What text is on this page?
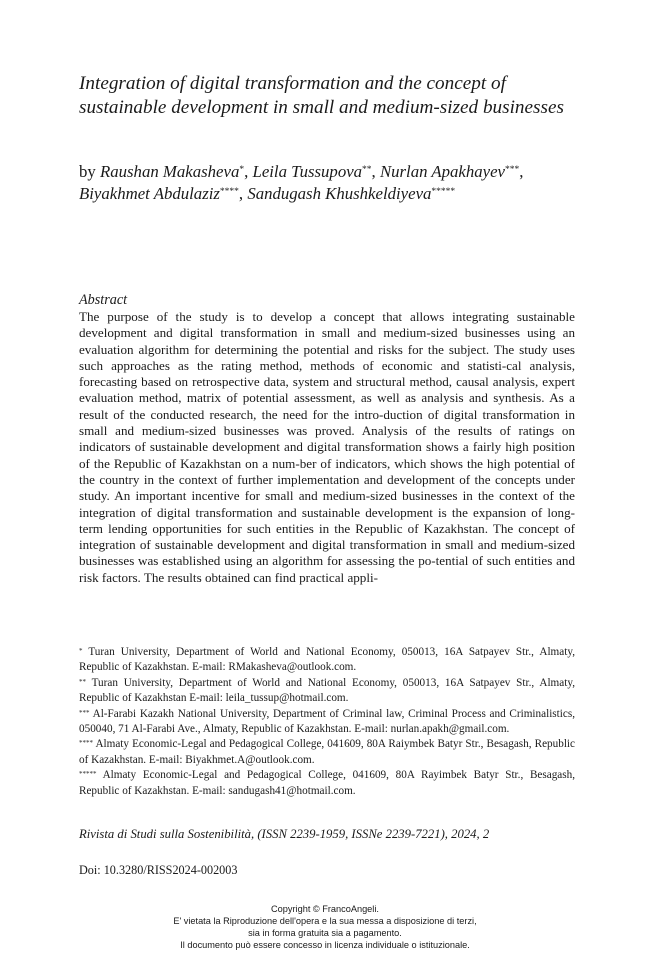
Integration of digital transformation and the concept of sustainable development in small and medium-sized businesses
by Raushan Makasheva*, Leila Tussupova**, Nurlan Apakhayev***,
Biyakhmet Abdulaziz****, Sandugash Khushkeldiyeva*****
Abstract

The purpose of the study is to develop a concept that allows integrating sustainable development and digital transformation in small and medium-sized businesses using an evaluation algorithm for determining the potential and risks for the subject. The study uses such approaches as the rating method, methods of economic and statisti-cal analysis, forecasting based on retrospective data, system and structural method, causal analysis, expert evaluation method, matrix of potential assessment, as well as analysis and synthesis. As a result of the conducted research, the need for the intro-duction of digital transformation in small and medium-sized businesses was proved. Analysis of the results of ratings on indicators of sustainable development and digital transformation shows a fairly high position of the Republic of Kazakhstan on a num-ber of indicators, which shows the high potential of the country in the context of further implementation and development of the concepts under study. An important incentive for small and medium-sized businesses in the context of the integration of digital transformation and sustainable development is the expansion of long-term lending opportunities for such entities in the Republic of Kazakhstan. The concept of integration of sustainable development and digital transformation in small and medium-sized businesses was established using an algorithm for assessing the po-tential of such entities and risk factors. The results obtained can find practical appli-

* Turan University, Department of World and National Economy, 050013, 16A Satpayev Str., Almaty, Republic of Kazakhstan. E-mail: RMakasheva@outlook.com.

** Turan University, Department of World and National Economy, 050013, 16A Satpayev Str., Almaty, Republic of Kazakhstan E-mail: leila_tussup@hotmail.com.

*** Al-Farabi Kazakh National University, Department of Criminal law, Criminal Process and Criminalistics, 050040, 71 Al-Farabi Ave., Almaty, Republic of Kazakhstan. E-mail: nurlan.apakh@gmail.com.

**** Almaty Economic-Legal and Pedagogical College, 041609, 80A Raiymbek Batyr Str., Besagash, Republic of Kazakhstan. E-mail: Biyakhmet.A@outlook.com.

***** Almaty Economic-Legal and Pedagogical College, 041609, 80A Rayimbek Batyr Str., Besagash, Republic of Kazakhstan. E-mail: sandugash41@hotmail.com.

Rivista di Studi sulla Sostenibilità, (ISSN 2239-1959, ISSNe 2239-7221), 2024, 2
Doi: 10.3280/RISS2024-002003
Copyright © FrancoAngeli.
E' vietata la Riproduzione dell'opera e la sua messa a disposizione di terzi,
sia in forma gratuita sia a pagamento.
Il documento può essere concesso in licenza individuale o istituzionale.
